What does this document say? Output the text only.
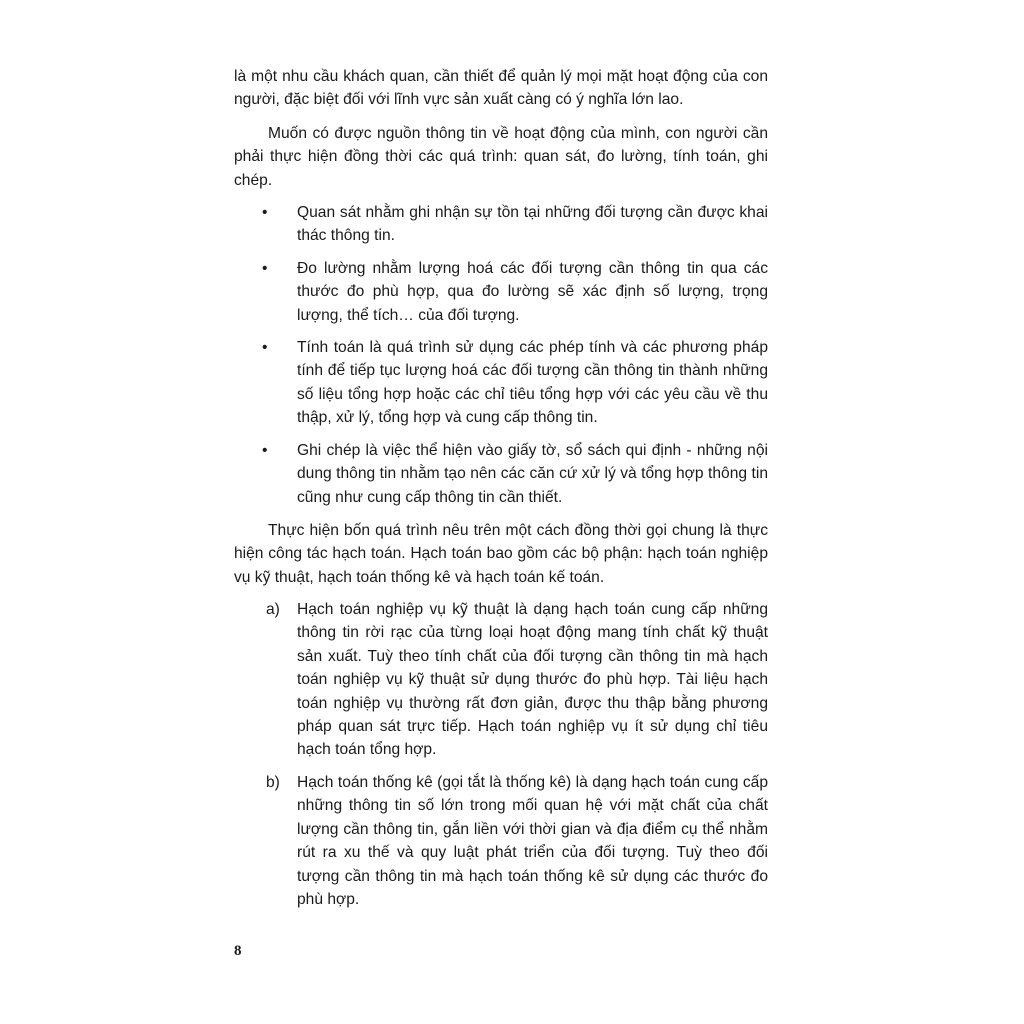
là một nhu cầu khách quan, cần thiết để quản lý mọi mặt hoạt động của con người, đặc biệt đối với lĩnh vực sản xuất càng có ý nghĩa lớn lao.

Muốn có được nguồn thông tin về hoạt động của mình, con người cần phải thực hiện đồng thời các quá trình: quan sát, đo lường, tính toán, ghi chép.

• Quan sát nhằm ghi nhận sự tồn tại những đối tượng cần được khai thác thông tin.
• Đo lường nhằm lượng hoá các đối tượng cần thông tin qua các thước đo phù hợp, qua đo lường sẽ xác định số lượng, trọng lượng, thể tích… của đối tượng.
• Tính toán là quá trình sử dụng các phép tính và các phương pháp tính để tiếp tục lượng hoá các đối tượng cần thông tin thành những số liệu tổng hợp hoặc các chỉ tiêu tổng hợp với các yêu cầu về thu thập, xử lý, tổng hợp và cung cấp thông tin.
• Ghi chép là việc thể hiện vào giấy tờ, sổ sách qui định - những nội dung thông tin nhằm tạo nên các căn cứ xử lý và tổng hợp thông tin cũng như cung cấp thông tin cần thiết.

Thực hiện bốn quá trình nêu trên một cách đồng thời gọi chung là thực hiện công tác hạch toán. Hạch toán bao gồm các bộ phận: hạch toán nghiệp vụ kỹ thuật, hạch toán thống kê và hạch toán kế toán.

a) Hạch toán nghiệp vụ kỹ thuật là dạng hạch toán cung cấp những thông tin rời rạc của từng loại hoạt động mang tính chất kỹ thuật sản xuất. Tuỳ theo tính chất của đối tượng cần thông tin mà hạch toán nghiệp vụ kỹ thuật sử dụng thước đo phù hợp. Tài liệu hạch toán nghiệp vụ thường rất đơn giản, được thu thập bằng phương pháp quan sát trực tiếp. Hạch toán nghiệp vụ ít sử dụng chỉ tiêu hạch toán tổng hợp.
b) Hạch toán thống kê (gọi tắt là thống kê) là dạng hạch toán cung cấp những thông tin số lớn trong mối quan hệ với mặt chất của chất lượng cần thông tin, gắn liền với thời gian và địa điểm cụ thể nhằm rút ra xu thế và quy luật phát triển của đối tượng. Tuỳ theo đối tượng cần thông tin mà hạch toán thống kê sử dụng các thước đo phù hợp.
8
